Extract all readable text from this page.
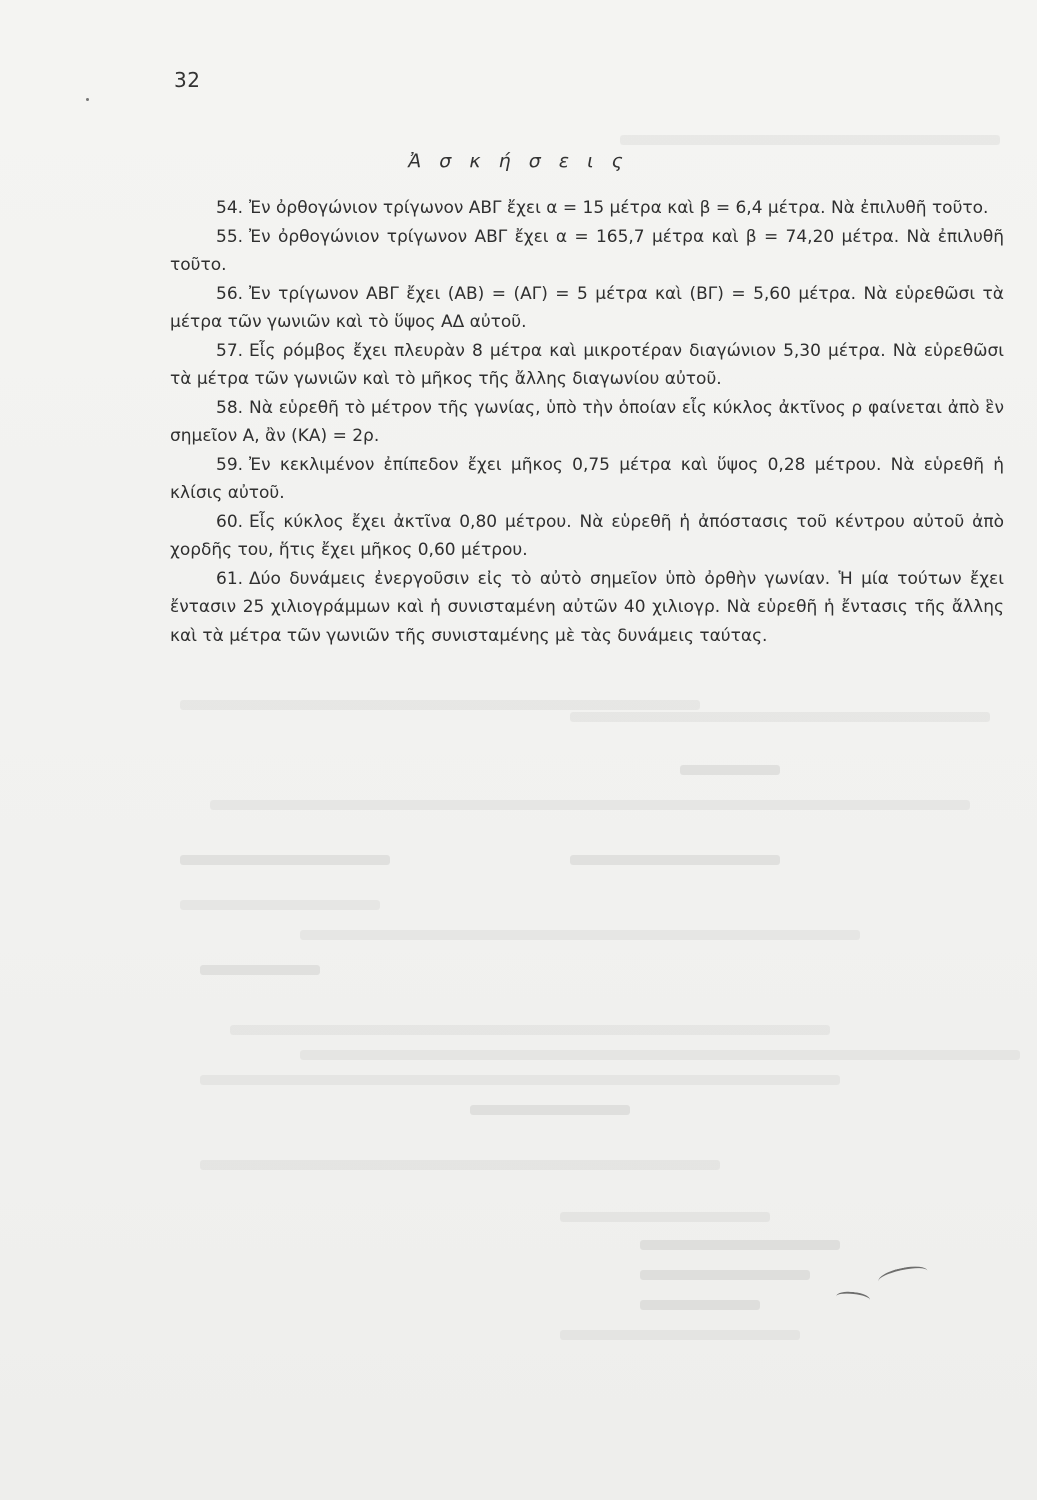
32
Ἀ σ κ ή σ ε ι ς

54. Ἐν ὀρθογώνιον τρίγωνον ΑΒΓ ἔχει α = 15 μέτρα καὶ β = 6,4 μέτρα. Νὰ ἐπιλυθῆ τοῦτο.

55. Ἐν ὀρθογώνιον τρίγωνον ΑΒΓ ἔχει α = 165,7 μέτρα καὶ β = 74,20 μέτρα. Νὰ ἐπιλυθῆ τοῦτο.

56. Ἐν τρίγωνον ΑΒΓ ἔχει (ΑΒ) = (ΑΓ) = 5 μέτρα καὶ (ΒΓ) = 5,60 μέτρα. Νὰ εὑρεθῶσι τὰ μέτρα τῶν γωνιῶν καὶ τὸ ὕψος ΑΔ αὐτοῦ.

57. Εἷς ρόμβος ἔχει πλευρὰν 8 μέτρα καὶ μικροτέραν διαγώνιον 5,30 μέτρα. Νὰ εὑρεθῶσι τὰ μέτρα τῶν γωνιῶν καὶ τὸ μῆκος τῆς ἄλλης διαγωνίου αὐτοῦ.

58. Νὰ εὑρεθῆ τὸ μέτρον τῆς γωνίας, ὑπὸ τὴν ὁποίαν εἷς κύκλος ἀκτῖνος ρ φαίνεται ἀπὸ ἓν σημεῖον Α, ἂν (ΚΑ) = 2ρ.

59. Ἐν κεκλιμένον ἐπίπεδον ἔχει μῆκος 0,75 μέτρα καὶ ὕψος 0,28 μέτρου. Νὰ εὑρεθῆ ἡ κλίσις αὐτοῦ.

60. Εἷς κύκλος ἔχει ἀκτῖνα 0,80 μέτρου. Νὰ εὑρεθῆ ἡ ἀπόστασις τοῦ κέντρου αὐτοῦ ἀπὸ χορδῆς του, ἥτις ἔχει μῆκος 0,60 μέτρου.

61. Δύο δυνάμεις ἐνεργοῦσιν εἰς τὸ αὐτὸ σημεῖον ὑπὸ ὀρθὴν γωνίαν. Ἡ μία τούτων ἔχει ἔντασιν 25 χιλιογράμμων καὶ ἡ συνισταμένη αὐτῶν 40 χιλιογρ. Νὰ εὑρεθῆ ἡ ἔντασις τῆς ἄλλης καὶ τὰ μέτρα τῶν γωνιῶν τῆς συνισταμένης μὲ τὰς δυνάμεις ταύτας.
